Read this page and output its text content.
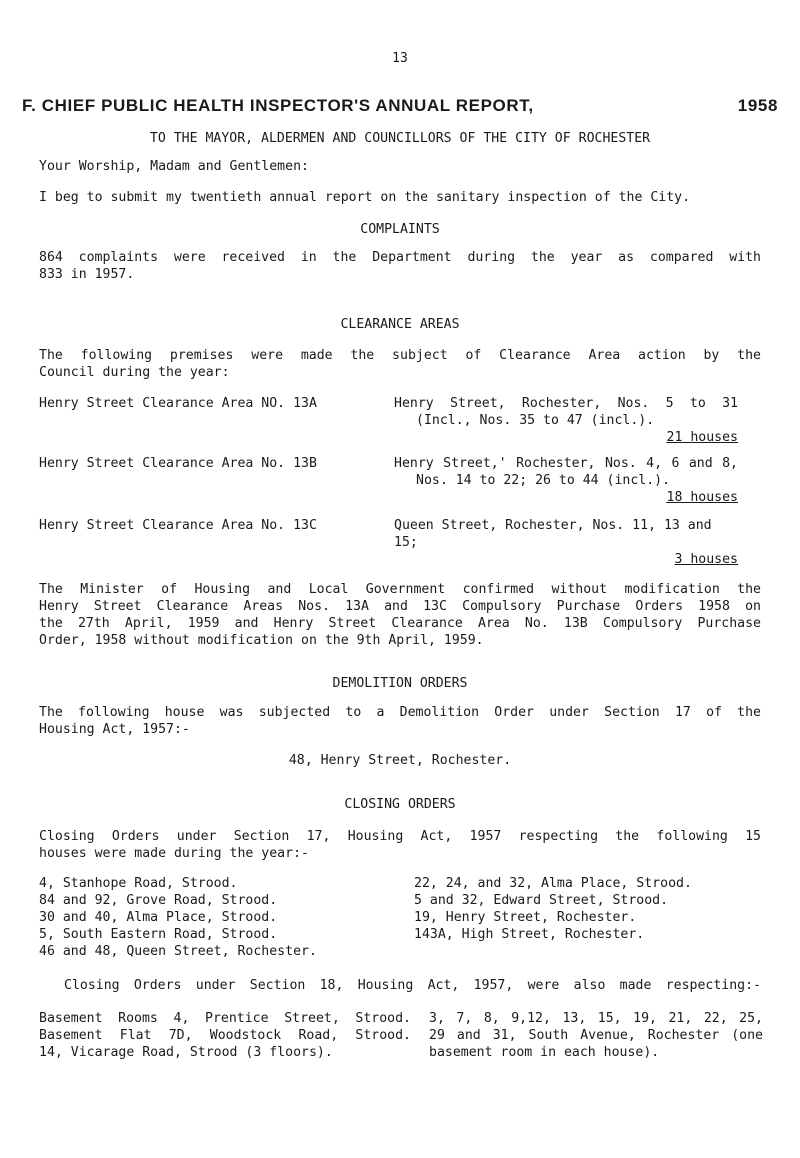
13
F. CHIEF PUBLIC HEALTH INSPECTOR'S ANNUAL REPORT,	1958
TO THE MAYOR, ALDERMEN AND COUNCILLORS OF THE CITY OF ROCHESTER
Your Worship, Madam and Gentlemen:
I beg to submit my twentieth annual report on the sanitary inspection of the City.
COMPLAINTS
864 complaints were received in the Department during the year as compared with
833 in 1957.
CLEARANCE AREAS
The following premises were made the subject of Clearance Area action by the
Council during the year:
Henry Street Clearance Area NO. 13A	Henry Street, Rochester, Nos. 5 to 31
(Incl., Nos. 35 to 47 (incl.).
21 houses
Henry Street Clearance Area No. 13B	Henry Street,' Rochester, Nos. 4, 6 and 8,
Nos. 14 to 22; 26 to 44 (incl.).
18 houses
Henry Street Clearance Area No. 13C	Queen Street, Rochester, Nos. 11, 13 and 15;
3 houses
The Minister of Housing and Local Government confirmed without modification the
Henry Street Clearance Areas Nos. 13A and 13C Compulsory Purchase Orders 1958 on
the 27th April, 1959 and Henry Street Clearance Area No. 13B Compulsory Purchase
Order, 1958 without modification on the 9th April, 1959.
DEMOLITION ORDERS
The following house was subjected to a Demolition Order under Section 17 of the
Housing Act, 1957:-
48, Henry Street, Rochester.
CLOSING ORDERS
Closing Orders under Section 17, Housing Act, 1957 respecting the following 15
houses were made during the year:-
4, Stanhope Road, Strood.
84 and 92, Grove Road, Strood.
30 and 40, Alma Place, Strood.
5, South Eastern Road, Strood.
46 and 48, Queen Street, Rochester.
22, 24, and 32, Alma Place, Strood.
5 and 32, Edward Street, Strood.
19, Henry Street, Rochester.
143A, High Street, Rochester.
Closing Orders under Section 18, Housing Act, 1957, were also made respecting:-
Basement Rooms 4, Prentice Street, Strood.
Basement Flat 7D, Woodstock Road, Strood.
14, Vicarage Road, Strood (3 floors).
3, 7, 8, 9,12, 13, 15, 19, 21, 22, 25,
29 and 31, South Avenue, Rochester (one
basement room in each house).
